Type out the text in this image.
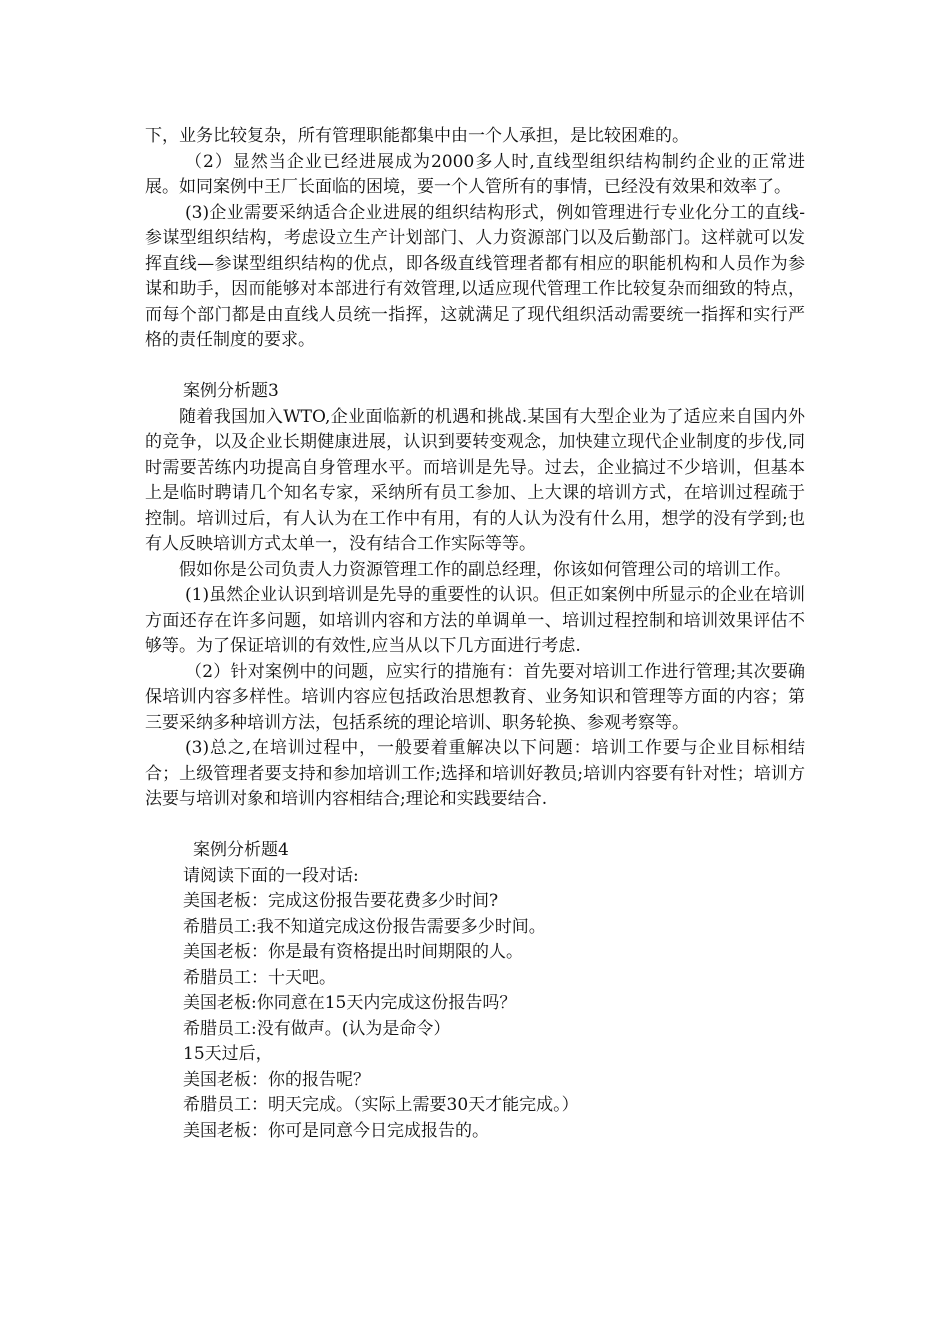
下，业务比较复杂，所有管理职能都集中由一个人承担，是比较困难的。

（2）显然当企业已经进展成为2000多人时,直线型组织结构制约企业的正常进展。如同案例中王厂长面临的困境，要一个人管所有的事情，已经没有效果和效率了。

(3)企业需要采纳适合企业进展的组织结构形式，例如管理进行专业化分工的直线-参谋型组织结构，考虑设立生产计划部门、人力资源部门以及后勤部门。这样就可以发挥直线—参谋型组织结构的优点，即各级直线管理者都有相应的职能机构和人员作为参谋和助手，因而能够对本部进行有效管理,以适应现代管理工作比较复杂而细致的特点，而每个部门都是由直线人员统一指挥，这就满足了现代组织活动需要统一指挥和实行严格的责任制度的要求。

案例分析题3

随着我国加入WTO,企业面临新的机遇和挑战.某国有大型企业为了适应来自国内外的竞争，以及企业长期健康进展，认识到要转变观念，加快建立现代企业制度的步伐,同时需要苦练内功提高自身管理水平。而培训是先导。过去，企业搞过不少培训，但基本上是临时聘请几个知名专家，采纳所有员工参加、上大课的培训方式，在培训过程疏于控制。培训过后，有人认为在工作中有用，有的人认为没有什么用，想学的没有学到;也有人反映培训方式太单一，没有结合工作实际等等。

假如你是公司负责人力资源管理工作的副总经理，你该如何管理公司的培训工作。

(1)虽然企业认识到培训是先导的重要性的认识。但正如案例中所显示的企业在培训方面还存在许多问题，如培训内容和方法的单调单一、培训过程控制和培训效果评估不够等。为了保证培训的有效性,应当从以下几方面进行考虑.

（2）针对案例中的问题，应实行的措施有：首先要对培训工作进行管理;其次要确保培训内容多样性。培训内容应包括政治思想教育、业务知识和管理等方面的内容；第三要采纳多种培训方法，包括系统的理论培训、职务轮换、参观考察等。

(3)总之,在培训过程中，一般要着重解决以下问题：培训工作要与企业目标相结合；上级管理者要支持和参加培训工作;选择和培训好教员;培训内容要有针对性；培训方法要与培训对象和培训内容相结合;理论和实践要结合.

案例分析题4

请阅读下面的一段对话:

美国老板：完成这份报告要花费多少时间?

希腊员工:我不知道完成这份报告需要多少时间。

美国老板：你是最有资格提出时间期限的人。

希腊员工：十天吧。

美国老板:你同意在15天内完成这份报告吗？

希腊员工:没有做声。(认为是命令）

15天过后，

美国老板：你的报告呢？

希腊员工：明天完成。（实际上需要30天才能完成。）

美国老板：你可是同意今日完成报告的。
